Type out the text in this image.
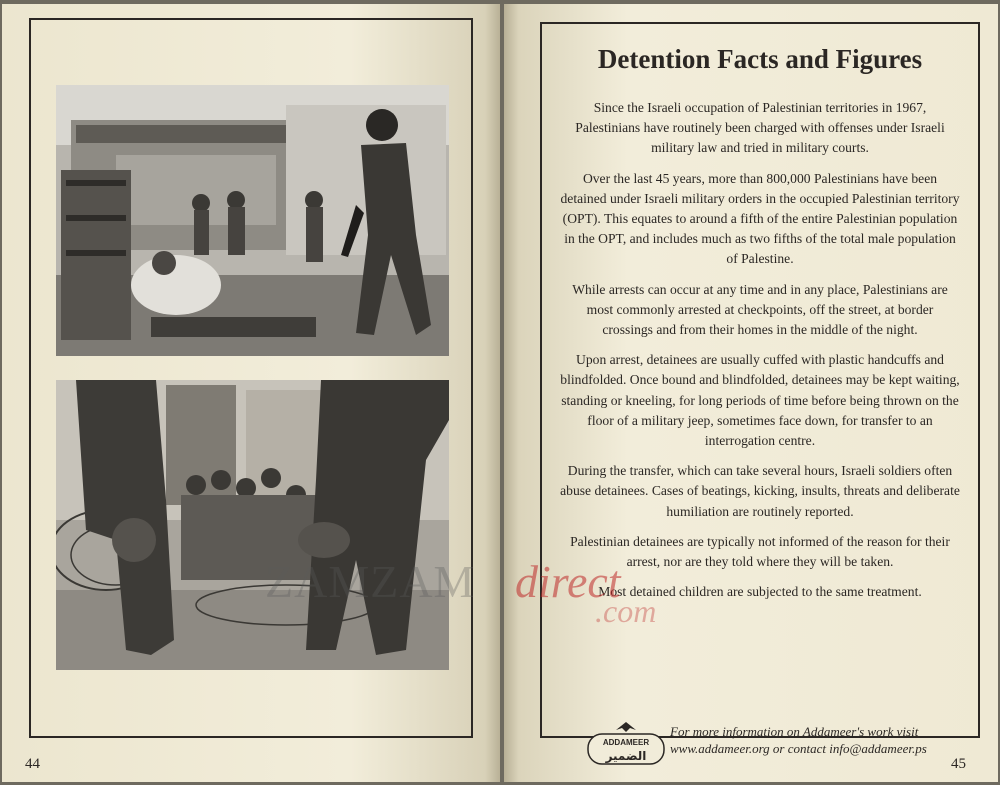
44
Detention Facts and Figures

Since the Israeli occupation of Palestinian territories in 1967, Palestinians have routinely been charged with offenses under Israeli military law and tried in military courts.

Over the last 45 years, more than 800,000 Palestinians have been detained under Israeli military orders in the occupied Palestinian territory (OPT). This equates to around a fifth of the entire Palestinian population in the OPT, and includes much as two fifths of the total male population of Palestine.

While arrests can occur at any time and in any place, Palestinians are most commonly arrested at checkpoints, off the street, at border crossings and from their homes in the middle of the night.

Upon arrest, detainees are usually cuffed with plastic handcuffs and blindfolded. Once bound and blindfolded, detainees may be kept waiting, standing or kneeling, for long periods of time before being thrown on the floor of a military jeep, sometimes face down, for transfer to an interrogation centre.

During the transfer, which can take several hours, Israeli soldiers often abuse detainees. Cases of beatings, kicking, insults, threats and deliberate humiliation are routinely reported.

Palestinian detainees are typically not informed of the reason for their arrest, nor are they told where they will be taken.

Most detained children are subjected to the same treatment.

ADDAMEER
الضمير
For more information on Addameer's work visit
www.addameer.org or contact info@addameer.ps
45
ZAMZAM direct
.com
